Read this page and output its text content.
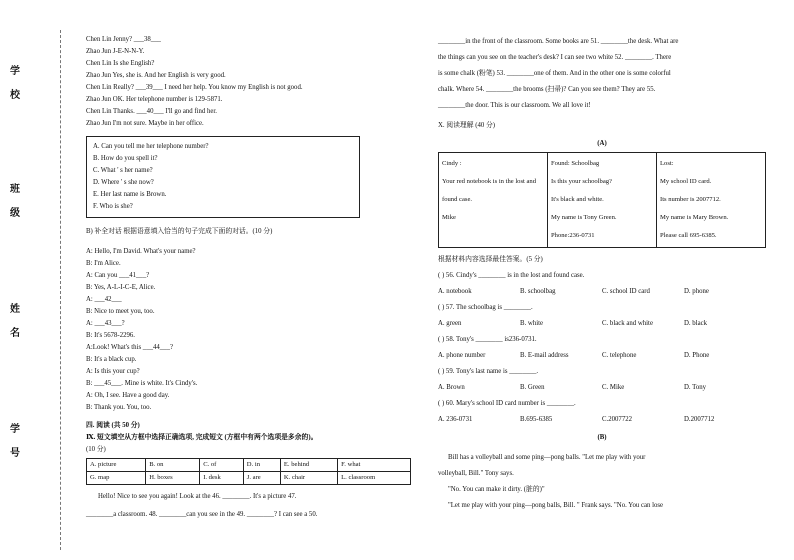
学
校
班
级
姓
名
学
号
Chen Lin Jenny? ___38___
Zhao Jun J-E-N-N-Y.
Chen Lin Is she English?
Zhao Jun Yes, she is. And her English is very good.
Chen Lin Really? ___39___ I need her help. You know my English is not good.
Zhao Jun OK. Her telephone number is 129-5871.
Chen Lin Thanks. ___40___ I'll go and find her.
Zhao Jun I'm not sure. Maybe in her office.
A. Can you tell me her telephone number?
B. How do you spell it?
C. What ' s her name?
D. Where ' s she now?
E. Her last name is Brown.
F. Who is she?
B) 补全对话 根据语意填入恰当的句子完成下面的对话。(10 分)
A: Hello, I'm David. What's your name?
B: I'm Alice.
A: Can you ___41___?
B: Yes, A-L-I-C-E, Alice.
A: ___42___
B: Nice to meet you, too.
A: ___43___?
B: It's 5678-2296.
A:Look! What's this ___44___?
B: It's a black cup.
A: Is this your cup?
B: ___45___. Mine is white. It's Cindy's.
A: Oh, I see. Have a good day.
B: Thank you. You, too.
四. 阅读 (共 50 分)
Ⅸ. 短文填空从方框中选择正确选项, 完成短文 (方框中有两个选项是多余的)。
(10 分)
A. picture	B. on	C. of	D. in	E. behind	F. what
G. map	H. boxes	I. desk	J. are	K. chair	L. classroom
Hello! Nice to see you again! Look at the 46. ________. It's a picture 47.
________a classroom. 48. ________can you see in the 49. ________? I can see a 50.
________in the front of the classroom. Some books are 51. ________the desk. What are
the things can you see on the teacher's desk? I can see two white 52. ________. There
is some chalk (粉笔) 53. ________one of them. And in the other one is some colorful
chalk. Where 54. ________the brooms (扫帚)? Can you see them? They are 55.
________the door. This is our classroom. We all love it!
X. 阅读理解 (40 分)
(A)
Cindy :
Your red notebook is in the lost and found case.
Mike

Found: Schoolbag
Is this your schoolbag?
It's black and white.
My name is Tony Green.
Phone:236-0731

Lost:
My school ID card.
Its number is 2007712.
My name is Mary Brown.
Please call 695-6385.
根据材料内容选择最佳答案。(5 分)
( ) 56. Cindy's ________ is in the lost and found case.
A. notebook	B. schoolbag	C. school ID card	D. phone
( ) 57. The schoolbag is ________.
A. green	B. white	C. black and white	D. black
( ) 58. Tony's ________ is236-0731.
A. phone number	B. E-mail address	C. telephone	D. Phone
( ) 59. Tony's last name is ________.
A. Brown	B. Green	C. Mike	D. Tony
( ) 60. Mary's school ID card number is ________.
A. 236-0731	B.695-6385	C.2007722	D.2007712
(B)
Bill has a volleyball and some ping—pong balls. "Let me play with your
volleyball, Bill." Tony says.
"No. You can make it dirty. (脏的)"
"Let me play with your ping—pong balls, Bill. " Frank says. "No. You can lose
